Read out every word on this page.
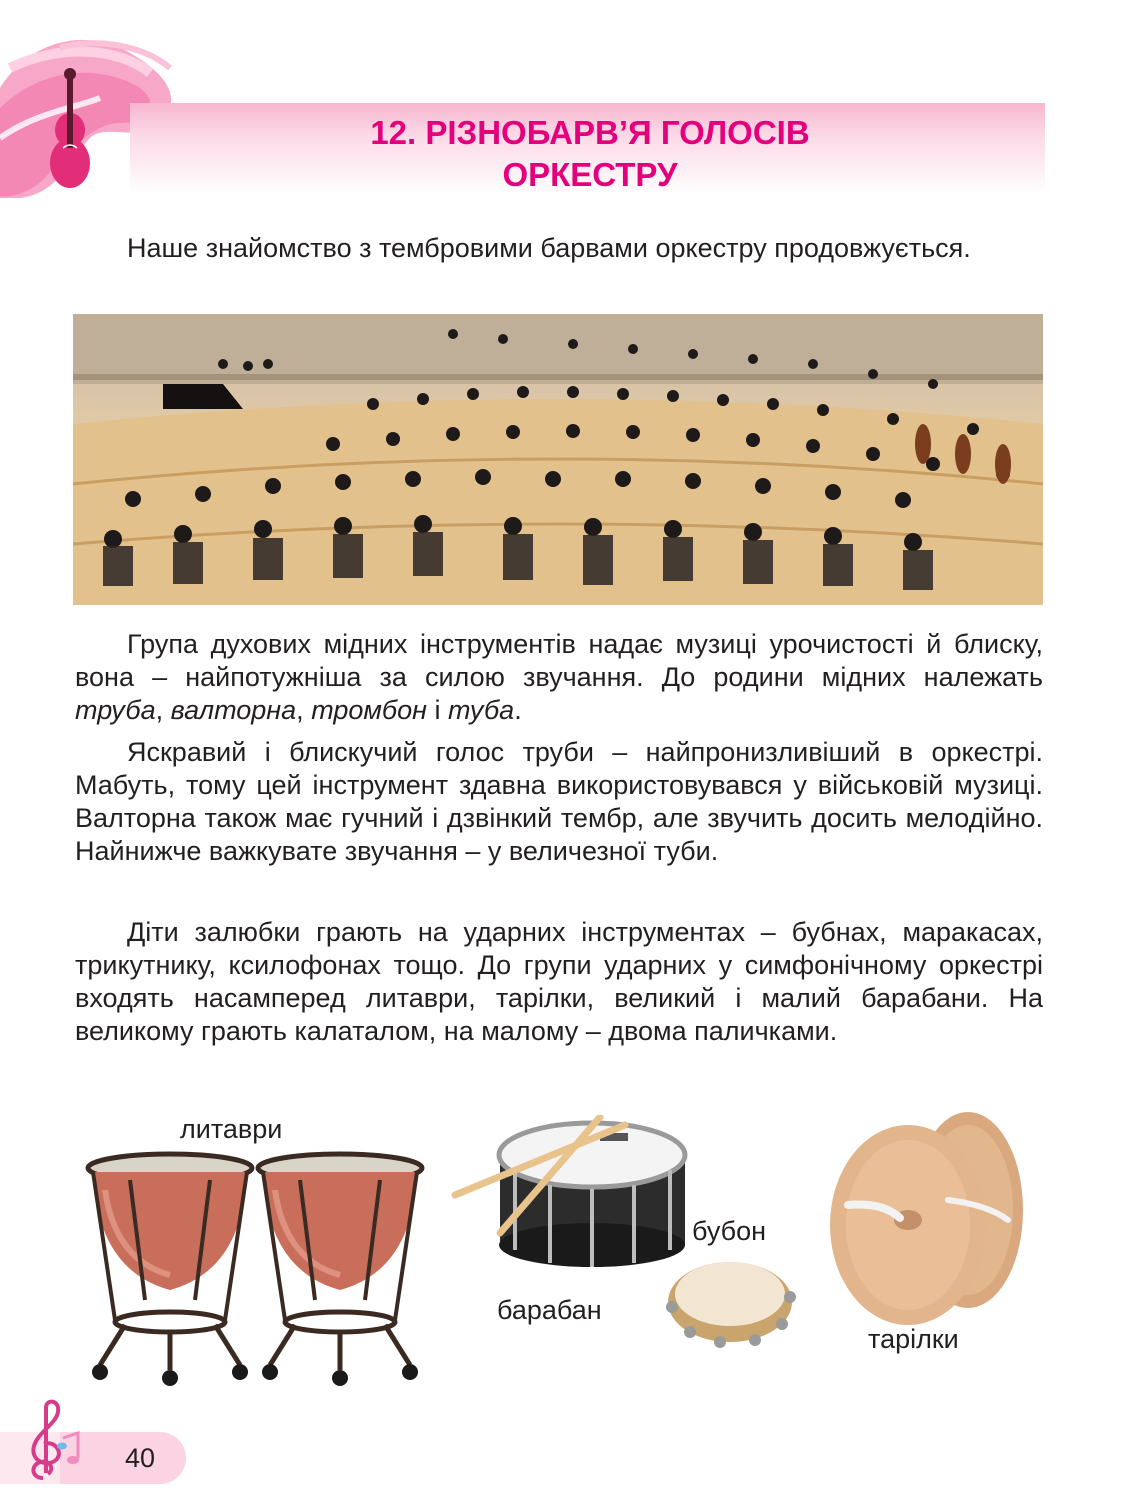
12. РІЗНОБАРВ’Я ГОЛОСІВ
ОРКЕСТРУ

Наше знайомство з тембровими барвами оркестру продовжується.

Група духових мідних інструментів надає музиці урочистості й блиску, вона – найпотужніша за силою звучання. До родини мідних належать труба, валторна, тромбон і туба.

Яскравий і блискучий голос труби – найпронизливіший в оркестрі. Мабуть, тому цей інструмент здавна використовувався у військовій музиці. Валторна також має гучний і дзвінкий тембр, але звучить досить мелодійно. Найнижче важкувате звучання – у величезної туби.

Діти залюбки грають на ударних інструментах – бубнах, маракасах, трикутнику, ксилофонах тощо. До групи ударних у симфонічному оркестрі входять насамперед литаври, тарілки, великий і малий барабани. На великому грають калаталом, на малому – двома паличками.

литаври

барабан

бубон

тарілки

40
